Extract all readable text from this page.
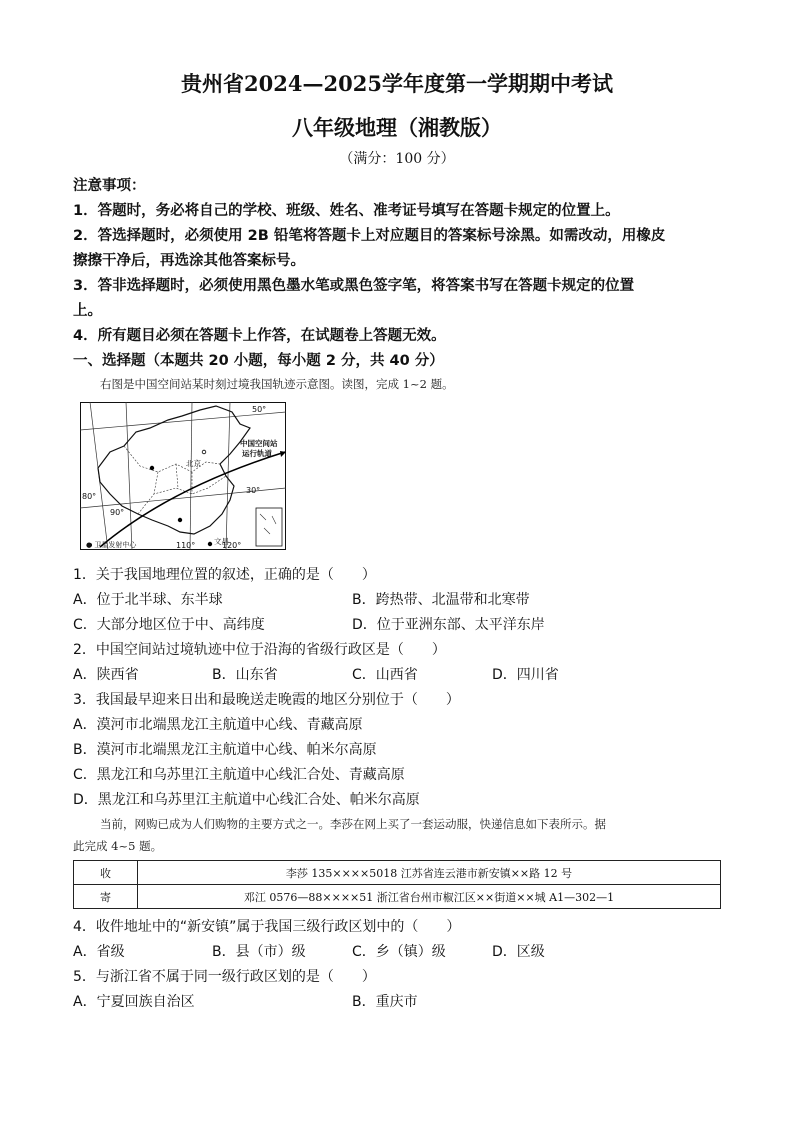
贵州省2024—2025学年度第一学期期中考试
八年级地理（湘教版）
（满分：100 分）
注意事项：
1．答题时，务必将自己的学校、班级、姓名、准考证号填写在答题卡规定的位置上。
2．答选择题时，必须使用 2B 铅笔将答题卡上对应题目的答案标号涂黑。如需改动，用橡皮
擦擦干净后，再选涂其他答案标号。
3．答非选择题时，必须使用黑色墨水笔或黑色签字笔，将答案书写在答题卡规定的位置
上。
4．所有题目必须在答题卡上作答，在试题卷上答题无效。
一、选择题（本题共 20 小题，每小题 2 分，共 40 分）
右图是中国空间站某时刻过境我国轨迹示意图。读图，完成 1~2 题。
50°
30°
80°
90°
110°	120°
中国空间站
运行轨道
北京
文昌
● 卫星发射中心
1．关于我国地理位置的叙述，正确的是（　　）
A．位于北半球、东半球	B．跨热带、北温带和北寒带
C．大部分地区位于中、高纬度	D．位于亚洲东部、太平洋东岸
2．中国空间站过境轨迹中位于沿海的省级行政区是（　　）
A．陕西省	B．山东省	C．山西省	D．四川省
3．我国最早迎来日出和最晚送走晚霞的地区分别位于（　　）
A．漠河市北端黑龙江主航道中心线、青藏高原
B．漠河市北端黑龙江主航道中心线、帕米尔高原
C．黑龙江和乌苏里江主航道中心线汇合处、青藏高原
D．黑龙江和乌苏里江主航道中心线汇合处、帕米尔高原
当前，网购已成为人们购物的主要方式之一。李莎在网上买了一套运动服，快递信息如下表所示。据
此完成 4~5 题。
收	李莎 135××××5018 江苏省连云港市新安镇××路 12 号
寄	邓江 0576—88××××51 浙江省台州市椒江区××街道××城 A1—302—1
4．收件地址中的“新安镇”属于我国三级行政区划中的（　　）
A．省级	B．县（市）级	C．乡（镇）级	D．区级
5．与浙江省不属于同一级行政区划的是（　　）
A．宁夏回族自治区	B．重庆市
